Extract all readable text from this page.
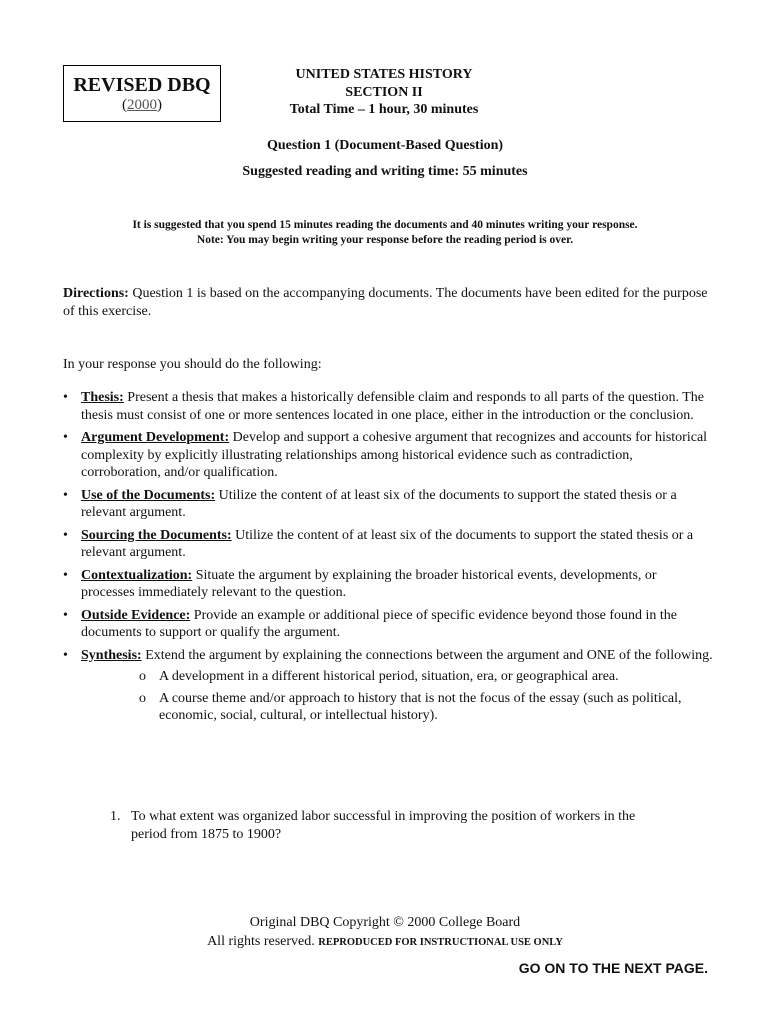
REVISED DBQ
(2000)
UNITED STATES HISTORY
SECTION II
Total Time – 1 hour, 30 minutes
Question 1 (Document-Based Question)
Suggested reading and writing time: 55 minutes
It is suggested that you spend 15 minutes reading the documents and 40 minutes writing your response.
Note: You may begin writing your response before the reading period is over.
Directions: Question 1 is based on the accompanying documents. The documents have been edited for the purpose of this exercise.
In your response you should do the following:
• Thesis: Present a thesis that makes a historically defensible claim and responds to all parts of the question. The thesis must consist of one or more sentences located in one place, either in the introduction or the conclusion.
• Argument Development: Develop and support a cohesive argument that recognizes and accounts for historical complexity by explicitly illustrating relationships among historical evidence such as contradiction, corroboration, and/or qualification.
• Use of the Documents: Utilize the content of at least six of the documents to support the stated thesis or a relevant argument.
• Sourcing the Documents: Utilize the content of at least six of the documents to support the stated thesis or a relevant argument.
• Contextualization: Situate the argument by explaining the broader historical events, developments, or processes immediately relevant to the question.
• Outside Evidence: Provide an example or additional piece of specific evidence beyond those found in the documents to support or qualify the argument.
• Synthesis: Extend the argument by explaining the connections between the argument and ONE of the following.
o A development in a different historical period, situation, era, or geographical area.
o A course theme and/or approach to history that is not the focus of the essay (such as political, economic, social, cultural, or intellectual history).
1. To what extent was organized labor successful in improving the position of workers in the period from 1875 to 1900?
Original DBQ Copyright © 2000 College Board
All rights reserved. REPRODUCED FOR INSTRUCTIONAL USE ONLY
GO ON TO THE NEXT PAGE.
